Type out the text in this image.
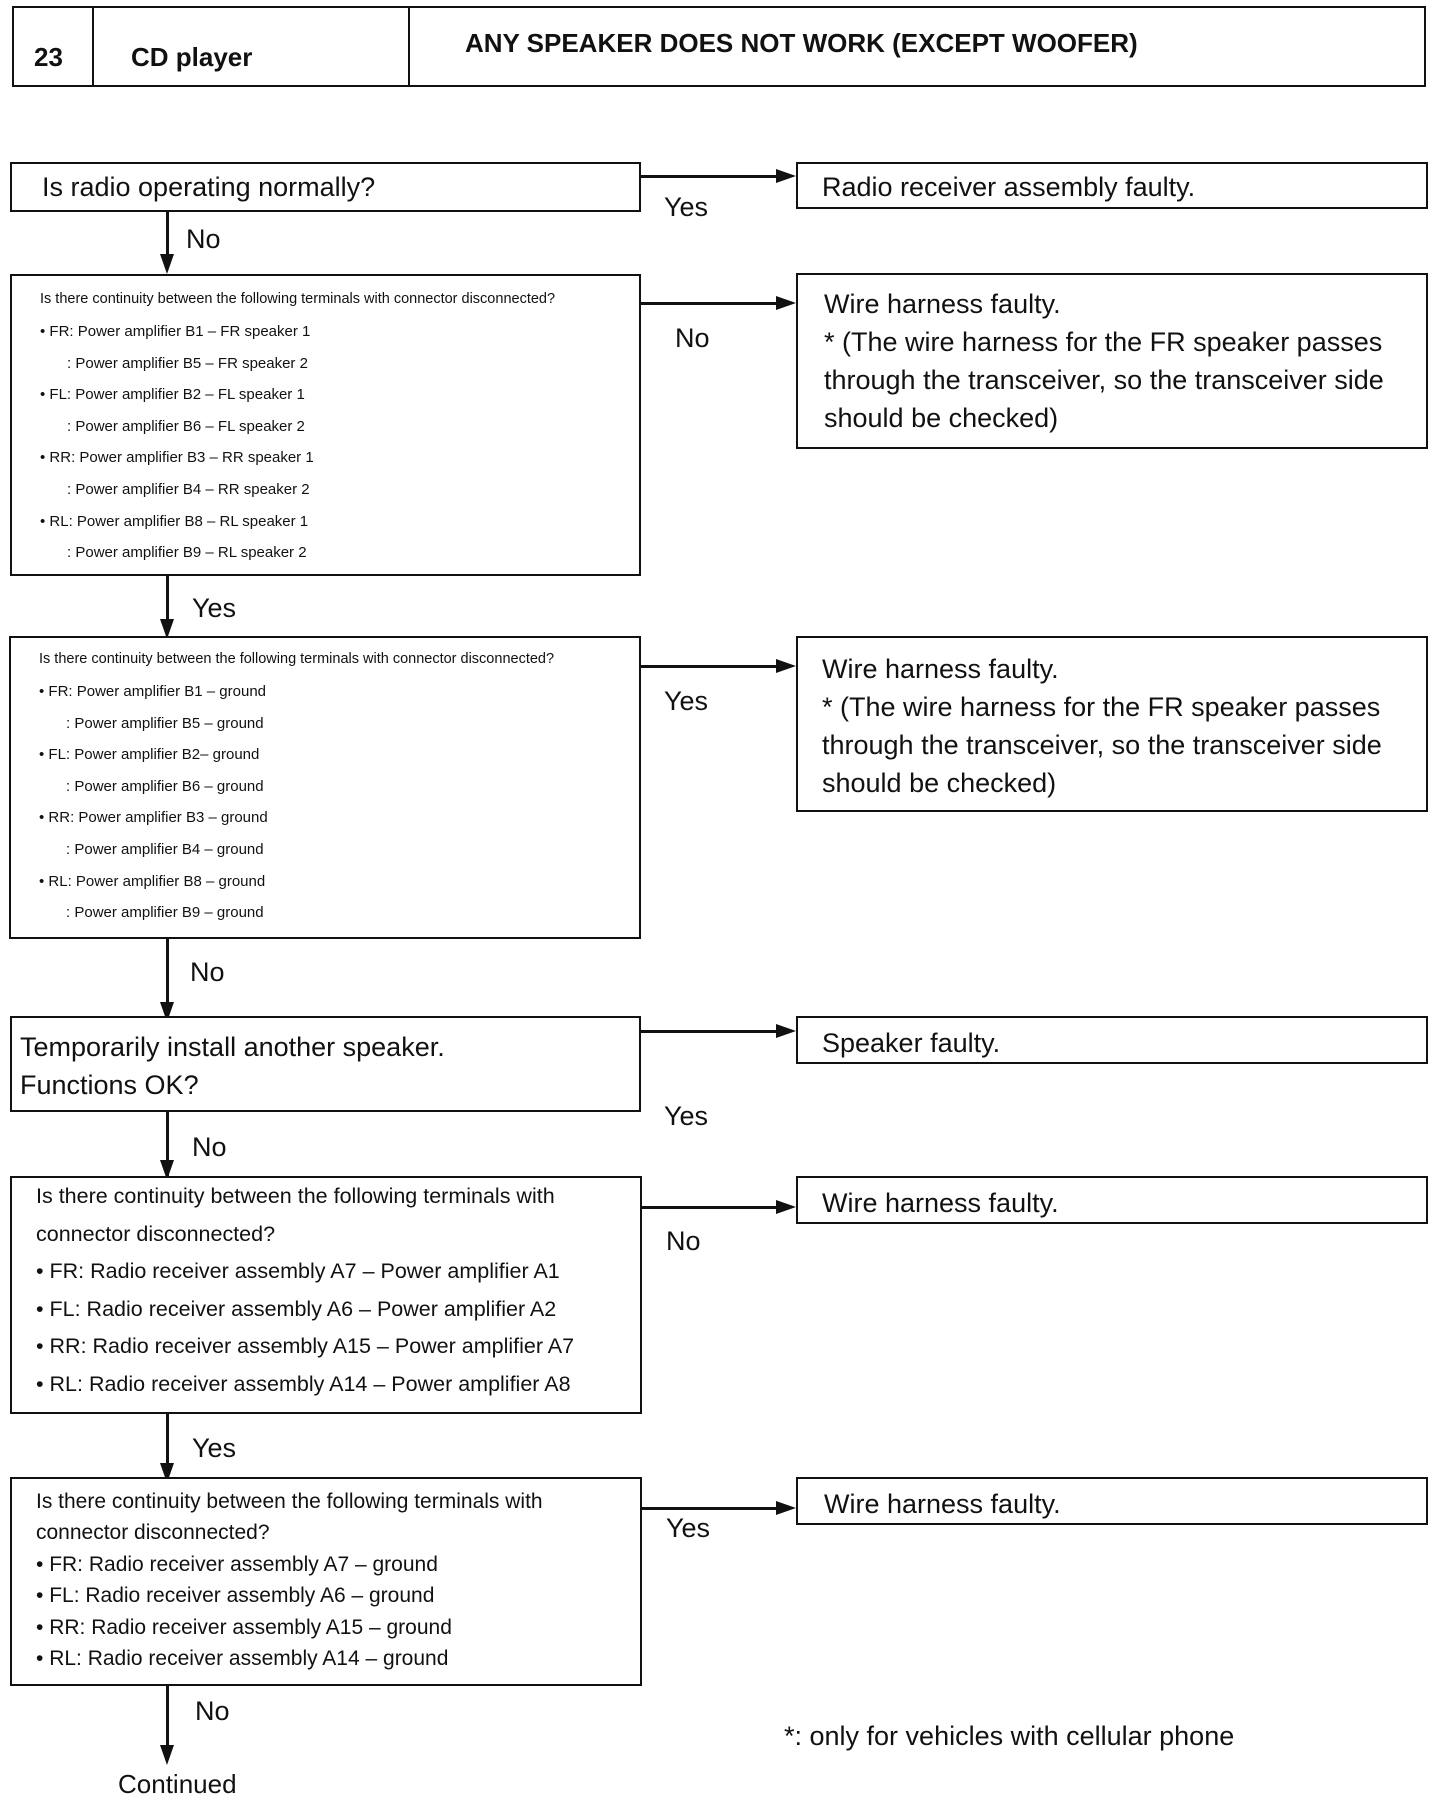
23	CD player	ANY SPEAKER DOES NOT WORK (EXCEPT WOOFER)
Is radio operating normally?	Radio receiver assembly faulty.
Yes
No
Is there continuity between the following terminals with connector disconnected?
• FR: Power amplifier B1 – FR speaker 1
: Power amplifier B5 – FR speaker 2
• FL: Power amplifier B2 – FL speaker 1
: Power amplifier B6 – FL speaker 2
• RR: Power amplifier B3 – RR speaker 1
: Power amplifier B4 – RR speaker 2
• RL: Power amplifier B8 – RL speaker 1
: Power amplifier B9 – RL speaker 2
Wire harness faulty.
* (The wire harness for the FR speaker passes
through the transceiver, so the transceiver side
should be checked)
No
Yes
Is there continuity between the following terminals with connector disconnected?
• FR: Power amplifier B1 – ground
: Power amplifier B5 – ground
• FL: Power amplifier B2– ground
: Power amplifier B6 – ground
• RR: Power amplifier B3 – ground
: Power amplifier B4 – ground
• RL: Power amplifier B8 – ground
: Power amplifier B9 – ground
Wire harness faulty.
* (The wire harness for the FR speaker passes
through the transceiver, so the transceiver side
should be checked)
Yes
No
Temporarily install another speaker.
Functions OK?
Speaker faulty.
Yes
No
Is there continuity between the following terminals with
connector disconnected?
• FR: Radio receiver assembly A7 – Power amplifier A1
• FL: Radio receiver assembly A6 – Power amplifier A2
• RR: Radio receiver assembly A15 – Power amplifier A7
• RL: Radio receiver assembly A14 – Power amplifier A8
Wire harness faulty.
No
Yes
Is there continuity between the following terminals with
connector disconnected?
• FR: Radio receiver assembly A7 – ground
• FL: Radio receiver assembly A6 – ground
• RR: Radio receiver assembly A15 – ground
• RL: Radio receiver assembly A14 – ground
Wire harness faulty.
Yes
No
Continued
*: only for vehicles with cellular phone
